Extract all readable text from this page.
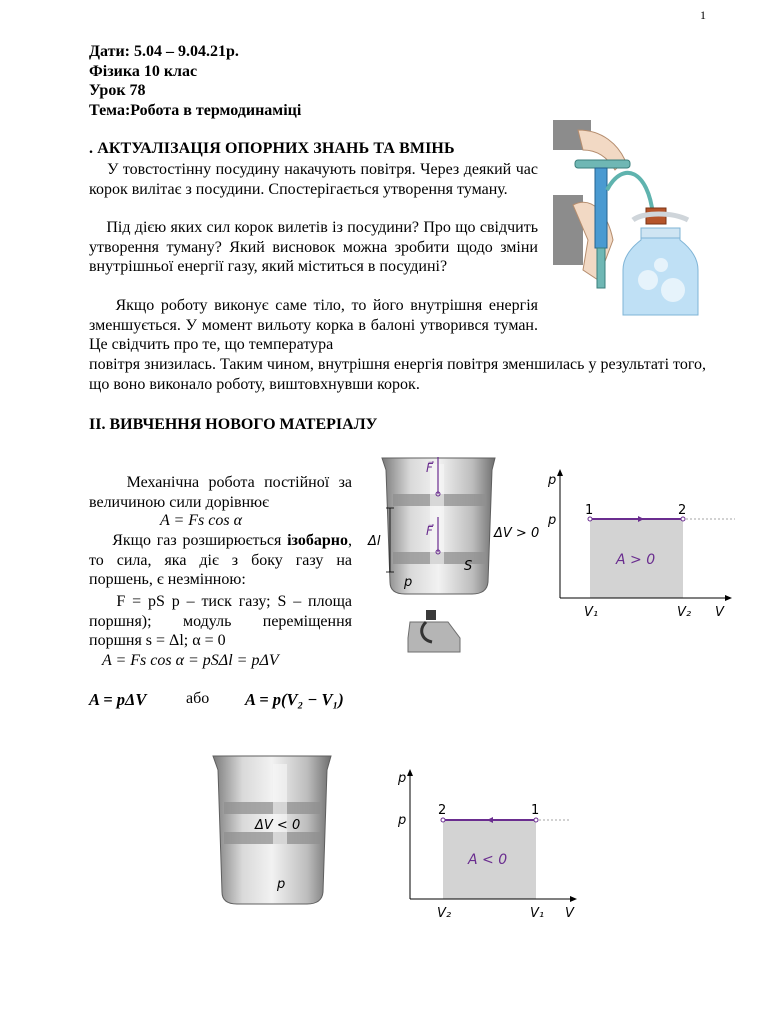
1
Дати: 5.04 – 9.04.21р.
Фізика 10 клас
Урок 78
Тема:Робота в термодинаміці
. АКТУАЛІЗАЦІЯ ОПОРНИХ ЗНАНЬ ТА ВМІНЬ
У товстостінну посудину накачують повітря. Через деякий час корок вилітає з посудини. Спостерігається утворення туману.
Під дією яких сил корок вилетів із посудини? Про що свідчить утворення туману? Який висновок можна зробити щодо зміни внутрішньої енергії газу, який міститься в посудині?
Якщо роботу виконує саме тіло, то його внутрішня енергія зменшується. У момент вильоту корка в балоні утворився туман. Це свідчить про те, що температура
повітря знизилась. Таким чином, внутрішня енергія повітря зменшилась у результаті того, що воно виконало роботу, виштовхнувши корок.
ІІ. ВИВЧЕННЯ НОВОГО МАТЕРІАЛУ
Механічна робота постійної за величиною сили дорівнює
A = Fs cos α
Якщо газ розширюється ізобарно, то сила, яка діє з боку газу на поршень, є незмінною:
F = pS p – тиск газу; S – площа поршня); модуль переміщення поршня s = Δl; α = 0
A = Fs cos α = pSΔl = pΔV
A = pΔV або A = p(V₂ − V₁)
F⃗
F⃗
Δl
p
S
ΔV > 0
p
p
1	2
A > 0
V₁	V₂ V
ΔV < 0
p
p
p
2	1
A < 0
V₂	V₁ V
